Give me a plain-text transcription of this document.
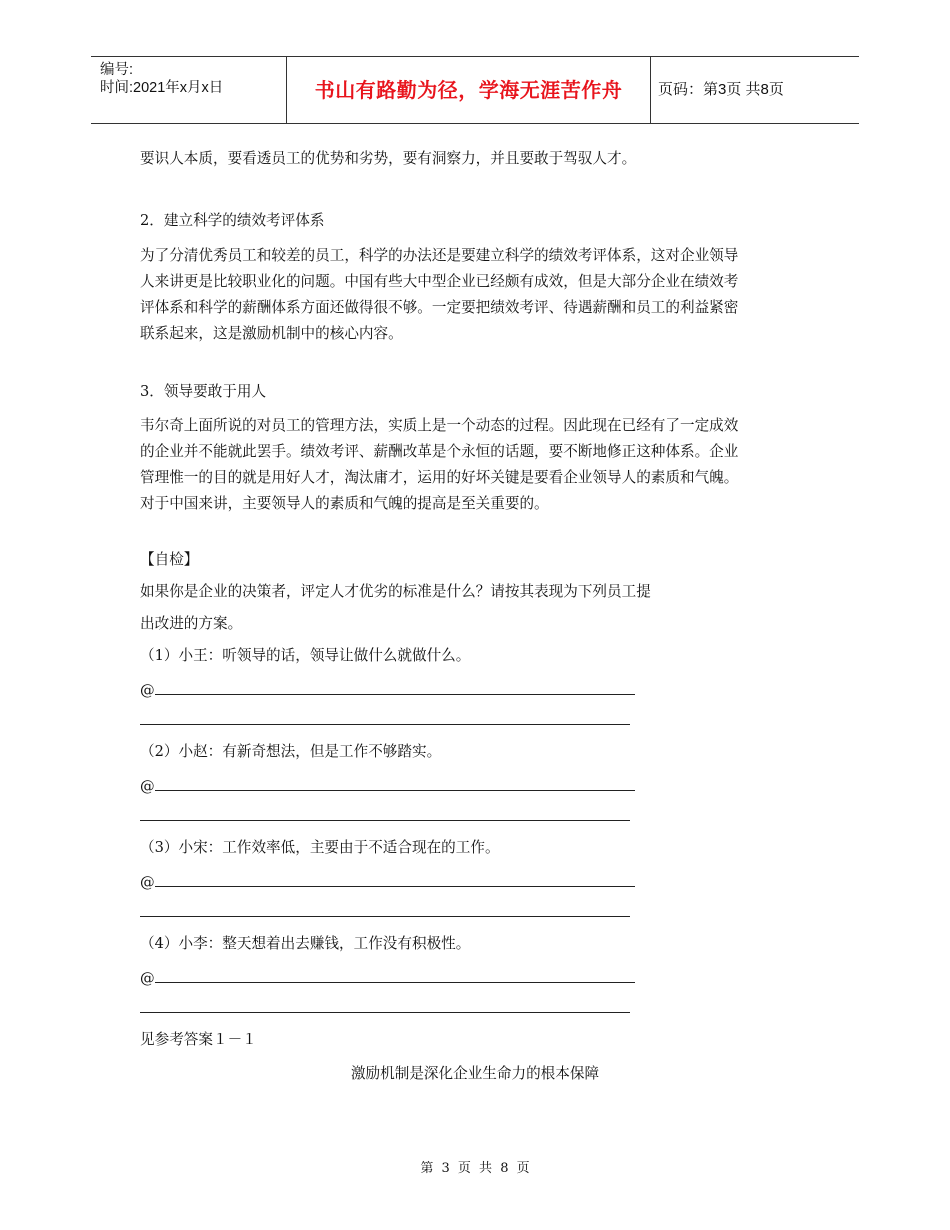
编号:
时间:2021年x月x日	书山有路勤为径，学海无涯苦作舟	页码：第3页 共8页
要识人本质，要看透员工的优势和劣势，要有洞察力，并且要敢于驾驭人才。
2．建立科学的绩效考评体系
为了分清优秀员工和较差的员工，科学的办法还是要建立科学的绩效考评体系，这对企业领导
人来讲更是比较职业化的问题。中国有些大中型企业已经颇有成效，但是大部分企业在绩效考
评体系和科学的薪酬体系方面还做得很不够。一定要把绩效考评、待遇薪酬和员工的利益紧密
联系起来，这是激励机制中的核心内容。
3．领导要敢于用人
韦尔奇上面所说的对员工的管理方法，实质上是一个动态的过程。因此现在已经有了一定成效
的企业并不能就此罢手。绩效考评、薪酬改革是个永恒的话题，要不断地修正这种体系。企业
管理惟一的目的就是用好人才，淘汰庸才，运用的好坏关键是要看企业领导人的素质和气魄。
对于中国来讲，主要领导人的素质和气魄的提高是至关重要的。
【自检】
如果你是企业的决策者，评定人才优劣的标准是什么？请按其表现为下列员工提
出改进的方案。
（1）小王：听领导的话，领导让做什么就做什么。
@
（2）小赵：有新奇想法，但是工作不够踏实。
@
（3）小宋：工作效率低，主要由于不适合现在的工作。
@
（4）小李：整天想着出去赚钱，工作没有积极性。
@
见参考答案１－１
激励机制是深化企业生命力的根本保障
第 3 页 共 8 页
